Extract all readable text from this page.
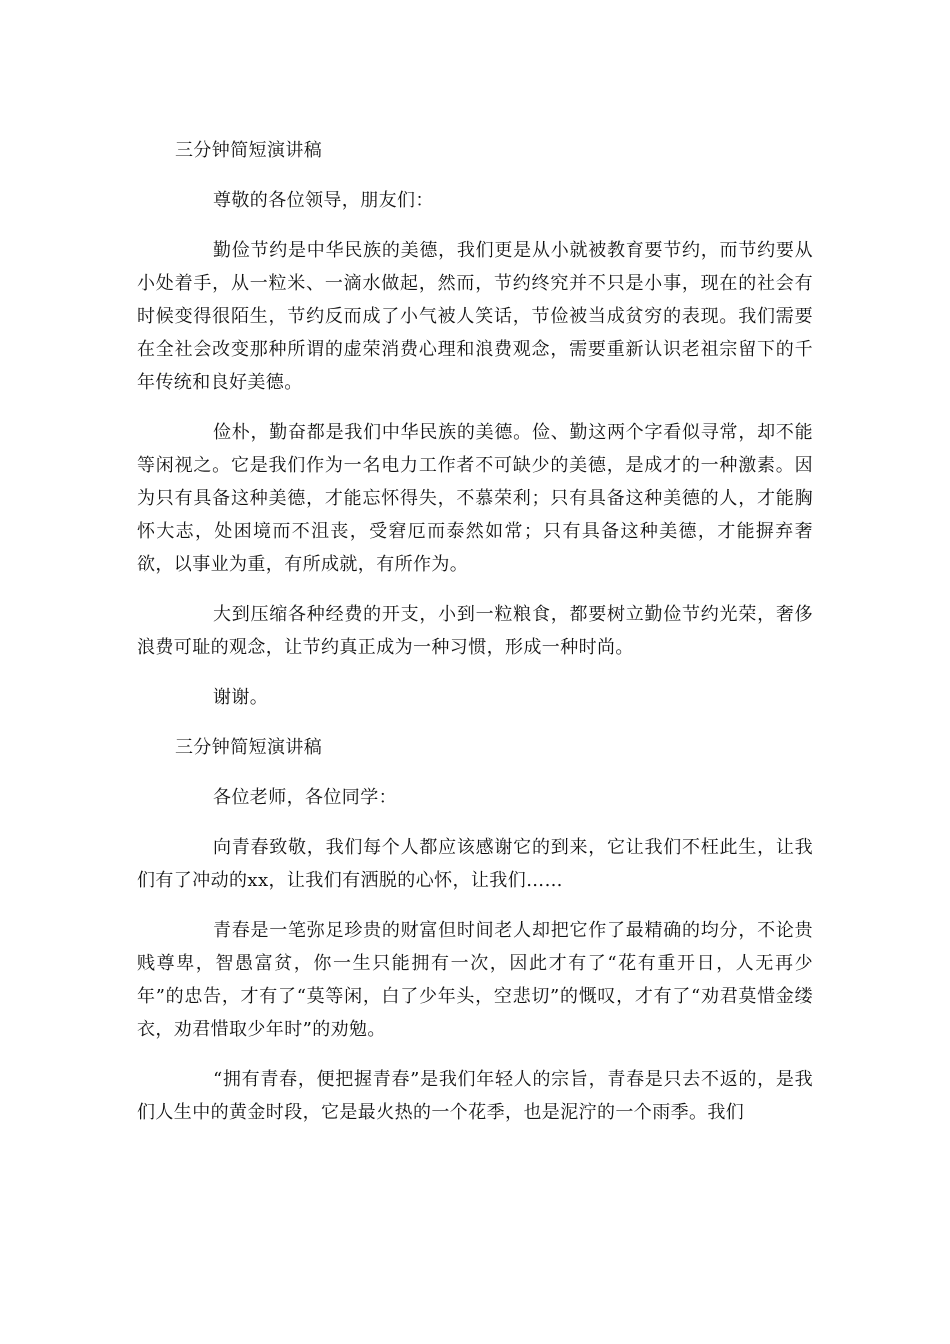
三分钟简短演讲稿

尊敬的各位领导，朋友们：

勤俭节约是中华民族的美德，我们更是从小就被教育要节约，而节约要从小处着手，从一粒米、一滴水做起，然而，节约终究并不只是小事，现在的社会有时候变得很陌生，节约反而成了小气被人笑话，节俭被当成贫穷的表现。我们需要在全社会改变那种所谓的虚荣消费心理和浪费观念，需要重新认识老祖宗留下的千年传统和良好美德。

俭朴，勤奋都是我们中华民族的美德。俭、勤这两个字看似寻常，却不能等闲视之。它是我们作为一名电力工作者不可缺少的美德，是成才的一种激素。因为只有具备这种美德，才能忘怀得失，不慕荣利；只有具备这种美德的人，才能胸怀大志，处困境而不沮丧，受窘厄而泰然如常；只有具备这种美德，才能摒弃奢欲，以事业为重，有所成就，有所作为。

大到压缩各种经费的开支，小到一粒粮食，都要树立勤俭节约光荣，奢侈浪费可耻的观念，让节约真正成为一种习惯，形成一种时尚。

谢谢。

三分钟简短演讲稿

各位老师，各位同学：

向青春致敬，我们每个人都应该感谢它的到来，它让我们不枉此生，让我们有了冲动的xx，让我们有洒脱的心怀，让我们……

青春是一笔弥足珍贵的财富但时间老人却把它作了最精确的均分，不论贵贱尊卑，智愚富贫，你一生只能拥有一次，因此才有了“花有重开日，人无再少年”的忠告，才有了“莫等闲，白了少年头，空悲切”的慨叹，才有了“劝君莫惜金缕衣，劝君惜取少年时”的劝勉。

“拥有青春，便把握青春”是我们年轻人的宗旨，青春是只去不返的，是我们人生中的黄金时段，它是最火热的一个花季，也是泥泞的一个雨季。我们
